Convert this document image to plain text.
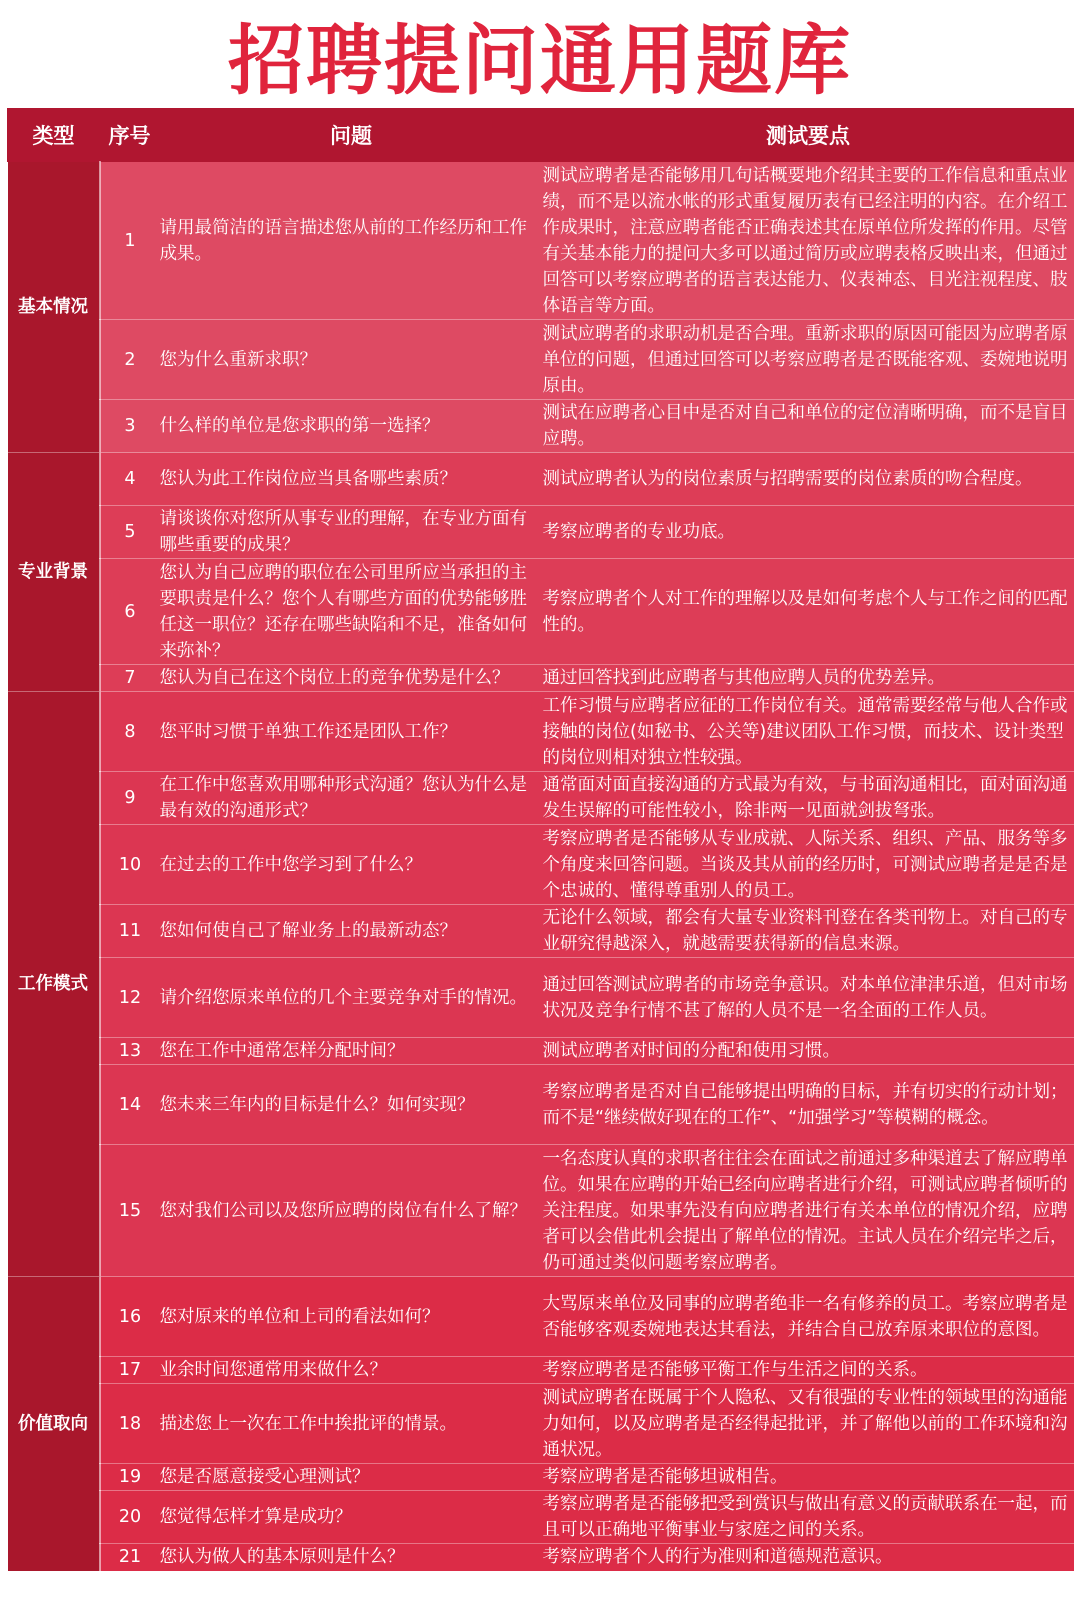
招聘提问通用题库
类型	序号	问题	测试要点
基本情况	1	请用最简洁的语言描述您从前的工作经历和工作成果。	测试应聘者是否能够用几句话概要地介绍其主要的工作信息和重点业绩，而不是以流水帐的形式重复履历表有已经注明的内容。在介绍工作成果时，注意应聘者能否正确表述其在原单位所发挥的作用。尽管有关基本能力的提问大多可以通过简历或应聘表格反映出来，但通过回答可以考察应聘者的语言表达能力、仪表神态、目光注视程度、肢体语言等方面。
	2	您为什么重新求职？	测试应聘者的求职动机是否合理。重新求职的原因可能因为应聘者原单位的问题，但通过回答可以考察应聘者是否既能客观、委婉地说明原由。
	3	什么样的单位是您求职的第一选择？	测试在应聘者心目中是否对自己和单位的定位清晰明确，而不是盲目应聘。
专业背景	4	您认为此工作岗位应当具备哪些素质？	测试应聘者认为的岗位素质与招聘需要的岗位素质的吻合程度。
	5	请谈谈你对您所从事专业的理解，在专业方面有哪些重要的成果？	考察应聘者的专业功底。
	6	您认为自己应聘的职位在公司里所应当承担的主要职责是什么？您个人有哪些方面的优势能够胜任这一职位？还存在哪些缺陷和不足，准备如何来弥补？	考察应聘者个人对工作的理解以及是如何考虑个人与工作之间的匹配性的。
	7	您认为自己在这个岗位上的竞争优势是什么？	通过回答找到此应聘者与其他应聘人员的优势差异。
工作模式	8	您平时习惯于单独工作还是团队工作？	工作习惯与应聘者应征的工作岗位有关。通常需要经常与他人合作或接触的岗位(如秘书、公关等)建议团队工作习惯，而技术、设计类型的岗位则相对独立性较强。
	9	在工作中您喜欢用哪种形式沟通？您认为什么是最有效的沟通形式？	通常面对面直接沟通的方式最为有效，与书面沟通相比，面对面沟通发生误解的可能性较小，除非两一见面就剑拔弩张。
	10	在过去的工作中您学习到了什么？	考察应聘者是否能够从专业成就、人际关系、组织、产品、服务等多个角度来回答问题。当谈及其从前的经历时，可测试应聘者是是否是个忠诚的、懂得尊重别人的员工。
	11	您如何使自己了解业务上的最新动态？	无论什么领域，都会有大量专业资料刊登在各类刊物上。对自己的专业研究得越深入，就越需要获得新的信息来源。
	12	请介绍您原来单位的几个主要竞争对手的情况。	通过回答测试应聘者的市场竞争意识。对本单位津津乐道，但对市场状况及竞争行情不甚了解的人员不是一名全面的工作人员。
	13	您在工作中通常怎样分配时间？	测试应聘者对时间的分配和使用习惯。
	14	您未来三年内的目标是什么？如何实现？	考察应聘者是否对自己能够提出明确的目标，并有切实的行动计划；而不是“继续做好现在的工作”、“加强学习”等模糊的概念。
	15	您对我们公司以及您所应聘的岗位有什么了解？	一名态度认真的求职者往往会在面试之前通过多种渠道去了解应聘单位。如果在应聘的开始已经向应聘者进行介绍，可测试应聘者倾听的关注程度。如果事先没有向应聘者进行有关本单位的情况介绍，应聘者可以会借此机会提出了解单位的情况。主试人员在介绍完毕之后，仍可通过类似问题考察应聘者。
价值取向	16	您对原来的单位和上司的看法如何？	大骂原来单位及同事的应聘者绝非一名有修养的员工。考察应聘者是否能够客观委婉地表达其看法，并结合自己放弃原来职位的意图。
	17	业余时间您通常用来做什么？	考察应聘者是否能够平衡工作与生活之间的关系。
	18	描述您上一次在工作中挨批评的情景。	测试应聘者在既属于个人隐私、又有很强的专业性的领域里的沟通能力如何，以及应聘者是否经得起批评，并了解他以前的工作环境和沟通状况。
	19	您是否愿意接受心理测试？	考察应聘者是否能够坦诚相告。
	20	您觉得怎样才算是成功？	考察应聘者是否能够把受到赏识与做出有意义的贡献联系在一起，而且可以正确地平衡事业与家庭之间的关系。
	21	您认为做人的基本原则是什么？	考察应聘者个人的行为准则和道德规范意识。
